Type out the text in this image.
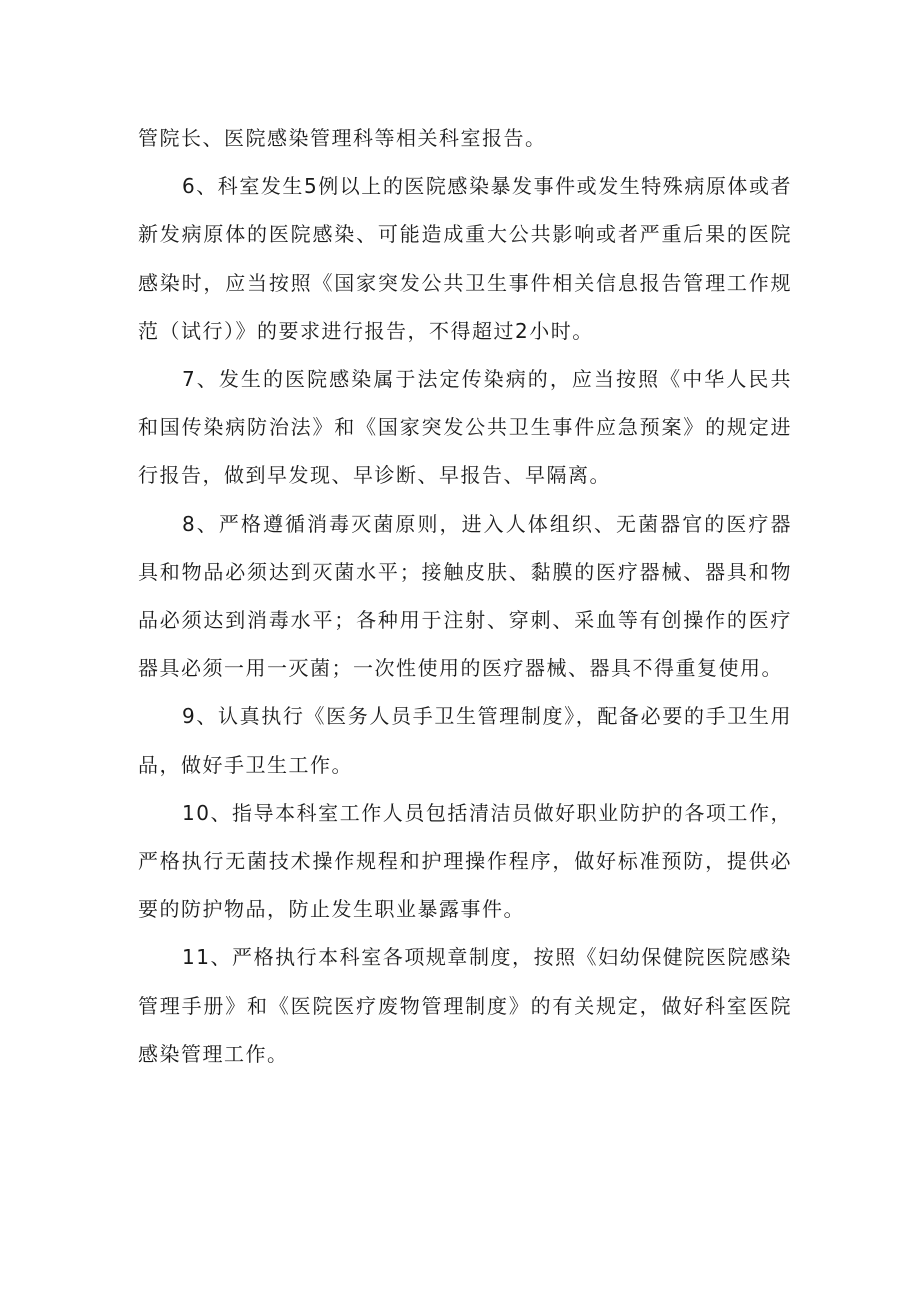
管院长、医院感染管理科等相关科室报告。

6、科室发生5例以上的医院感染暴发事件或发生特殊病原体或者新发病原体的医院感染、可能造成重大公共影响或者严重后果的医院感染时，应当按照《国家突发公共卫生事件相关信息报告管理工作规范（试行）》的要求进行报告，不得超过2小时。

7、发生的医院感染属于法定传染病的，应当按照《中华人民共和国传染病防治法》和《国家突发公共卫生事件应急预案》的规定进行报告，做到早发现、早诊断、早报告、早隔离。

8、严格遵循消毒灭菌原则，进入人体组织、无菌器官的医疗器具和物品必须达到灭菌水平；接触皮肤、黏膜的医疗器械、器具和物品必须达到消毒水平；各种用于注射、穿刺、采血等有创操作的医疗器具必须一用一灭菌；一次性使用的医疗器械、器具不得重复使用。

9、认真执行《医务人员手卫生管理制度》，配备必要的手卫生用品，做好手卫生工作。

10、指导本科室工作人员包括清洁员做好职业防护的各项工作，严格执行无菌技术操作规程和护理操作程序，做好标准预防，提供必要的防护物品，防止发生职业暴露事件。

11、严格执行本科室各项规章制度，按照《妇幼保健院医院感染管理手册》和《医院医疗废物管理制度》的有关规定，做好科室医院感染管理工作。
